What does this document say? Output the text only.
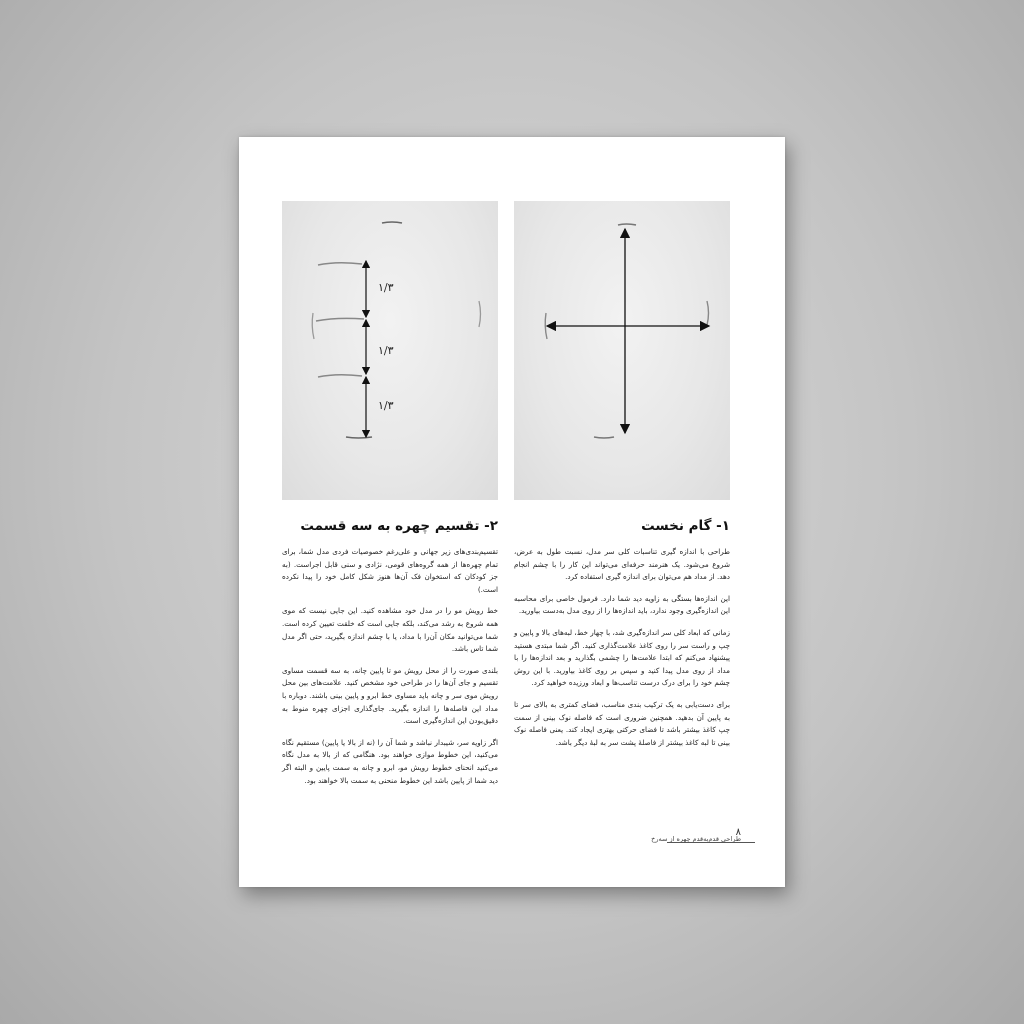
۱- گام نخست

طراحی با اندازه گیری تناسبات کلی سر مدل، نسبت طول به عرض، شروع می‌شود. یک هنرمند حرفه‌ای می‌تواند این کار را با چشم انجام دهد. از مداد هم می‌توان برای اندازه گیری استفاده کرد.

این اندازه‌ها بستگی به زاویه دید شما دارد. فرمول خاصی برای محاسبه این اندازه‌گیری وجود ندارد، باید اندازه‌ها را از روی مدل به‌دست بیاورید.

زمانی که ابعاد کلی سر اندازه‌گیری شد، با چهار خط، لبه‌های بالا و پایین و چپ و راست سر را روی کاغذ علامت‌گذاری کنید. اگر شما مبتدی هستید پیشنهاد می‌کنم که ابتدا علامت‌ها را چشمی بگذارید و بعد اندازه‌ها را با مداد از روی مدل پیدا کنید و سپس بر روی کاغذ بیاورید. با این روش چشم خود را برای درک درست تناسب‌ها و ابعاد ورزیده خواهید کرد.

برای دست‌یابی به یک ترکیب بندی مناسب، فضای کمتری به بالای سر تا به پایین آن بدهید. همچنین ضروری است که فاصله نوک بینی از سمت چپ کاغذ بیشتر باشد تا فضای حرکتی بهتری ایجاد کند. یعنی فاصله نوک بینی تا لبه کاغذ بیشتر از فاصلهٔ پشت سر به لبهٔ دیگر باشد.

۱/۳
۱/۳
۱/۳
۲- تقسیم چهره به سه قسمت

تقسیم‌بندی‌های زیر جهانی و علی‌رغم خصوصیات فردی مدل شما، برای تمام چهره‌ها از همه گروه‌های قومی، نژادی و سنی قابل اجراست. (به جز کودکان که استخوان فک آن‌ها هنوز شکل کامل خود را پیدا نکرده است.)

خط رویش مو را در مدل خود مشاهده کنید. این جایی نیست که موی همه شروع به رشد می‌کند، بلکه جایی است که خلقت تعیین کرده است. شما می‌توانید مکان آن‌را با مداد، یا با چشم اندازه بگیرید، حتی اگر مدل شما تاس باشد.

بلندی صورت را از محل رویش مو تا پایین چانه، به سه قسمت مساوی تقسیم و جای آن‌ها را در طراحی خود مشخص کنید. علامت‌های بین محل رویش موی سر و چانه باید مساوی خط ابرو و پایین بینی باشند. دوباره با مداد این فاصله‌ها را اندازه بگیرید. جای‌گذاری اجزای چهره منوط به دقیق‌بودن این اندازه‌گیری است.

اگر زاویه سر، شیبدار نباشد و شما آن را (نه از بالا یا پایین) مستقیم نگاه می‌کنید، این خطوط موازی خواهند بود. هنگامی که از بالا به مدل نگاه می‌کنید انحنای خطوط رویش مو، ابرو و چانه به سمت پایین و البته اگر دید شما از پایین باشد این خطوط منحنی به سمت بالا خواهند بود.

۸
طراحی قدم‌به‌قدم چهره از سه‌رخ
